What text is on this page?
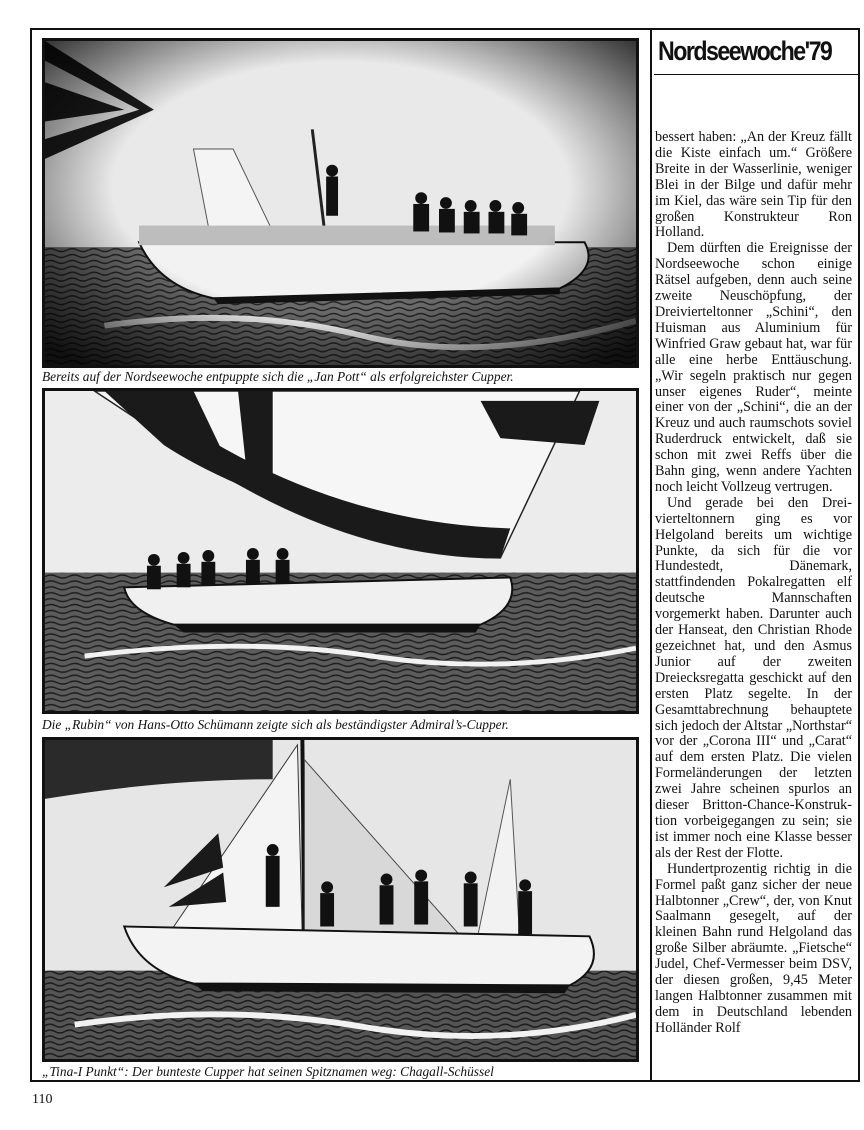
Bereits auf der Nordseewoche entpuppte sich die „Jan Pott“ als erfolgreichster Cupper.
Die „Rubin“ von Hans-Otto Schümann zeigte sich als beständigster Admiral’s-Cupper.
„Tina-I Punkt“: Der bunteste Cupper hat seinen Spitznamen weg: Chagall-Schüssel
Nordseewoche'79

bessert haben: „An der Kreuz fällt die Kiste einfach um.“ Größere Breite in der Wasserlinie, weniger Blei in der Bilge und dafür mehr im Kiel, das wäre sein Tip für den großen Konstrukteur Ron Holland.

Dem dürften die Ereignisse der Nordseewoche schon einige Rätsel aufgeben, denn auch seine zweite Neuschöpfung, der Dreivierteltonner „Schini“, den Huisman aus Aluminium für Winfried Graw gebaut hat, war für alle eine herbe Enttäuschung. „Wir segeln praktisch nur gegen unser eigenes Ruder“, meinte einer von der „Schini“, die an der Kreuz und auch raumschots soviel Ruderdruck entwickelt, daß sie schon mit zwei Reffs über die Bahn ging, wenn andere Yachten noch leicht Vollzeug vertrugen.

Und gerade bei den Dreivierteltonnern ging es vor Helgoland bereits um wichtige Punkte, da sich für die vor Hundestedt, Dänemark, stattfindenden Pokalregatten elf deutsche Mannschaften vorgemerkt haben. Darunter auch der Hanseat, den Christian Rhode gezeichnet hat, und den Asmus Junior auf der zweiten Dreiecksregatta geschickt auf den ersten Platz segelte. In der Gesamttabrechnung behauptete sich jedoch der Altstar „Northstar“ vor der „Corona III“ und „Carat“ auf dem ersten Platz. Die vielen Formeländerungen der letzten zwei Jahre scheinen spurlos an dieser Britton-Chance-Konstruktion vorbeigegangen zu sein; sie ist immer noch eine Klasse besser als der Rest der Flotte.

Hundertprozentig richtig in die Formel paßt ganz sicher der neue Halbtonner „Crew“, der, von Knut Saalmann gesegelt, auf der kleinen Bahn rund Helgoland das große Silber abräumte. „Fietsche“ Judel, Chef-Vermesser beim DSV, der diesen großen, 9,45 Meter langen Halbtonner zusammen mit dem in Deutschland lebenden Holländer Rolf

110
